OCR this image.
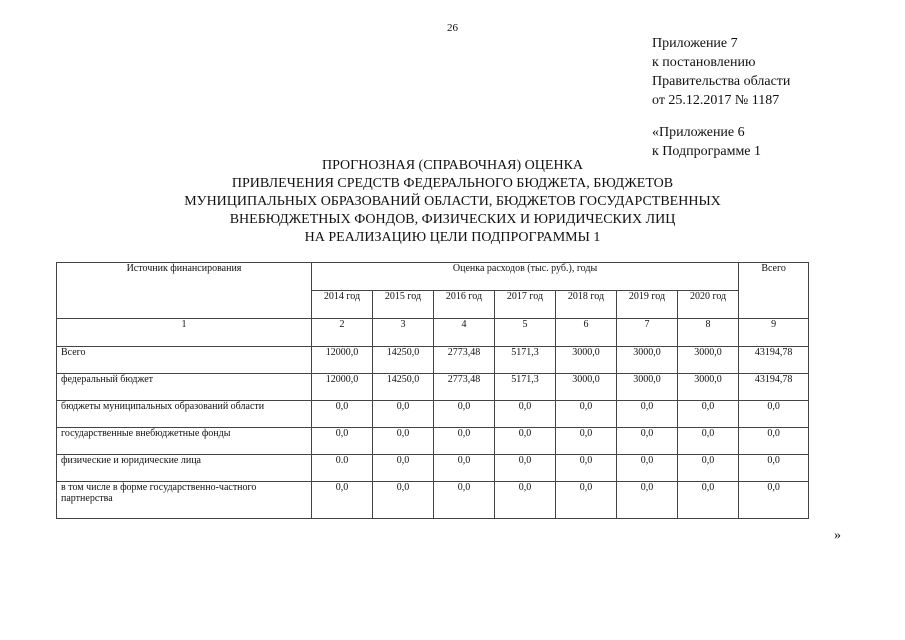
26
Приложение 7
к постановлению
Правительства области
от 25.12.2017 № 1187
«Приложение 6
к Подпрограмме 1
ПРОГНОЗНАЯ (СПРАВОЧНАЯ) ОЦЕНКА
ПРИВЛЕЧЕНИЯ СРЕДСТВ ФЕДЕРАЛЬНОГО БЮДЖЕТА, БЮДЖЕТОВ
МУНИЦИПАЛЬНЫХ ОБРАЗОВАНИЙ ОБЛАСТИ, БЮДЖЕТОВ ГОСУДАРСТВЕННЫХ
ВНЕБЮДЖЕТНЫХ ФОНДОВ, ФИЗИЧЕСКИХ И ЮРИДИЧЕСКИХ ЛИЦ
НА РЕАЛИЗАЦИЮ ЦЕЛИ ПОДПРОГРАММЫ 1
Источник финансирования	Оценка расходов (тыс. руб.), годы							Всего
	2014 год	2015 год	2016 год	2017 год	2018 год	2019 год	2020 год	
1	2	3	4	5	6	7	8	9
Всего	12000,0	14250,0	2773,48	5171,3	3000,0	3000,0	3000,0	43194,78
федеральный бюджет	12000,0	14250,0	2773,48	5171,3	3000,0	3000,0	3000,0	43194,78
бюджеты муниципальных образований области	0,0	0,0	0,0	0,0	0,0	0,0	0,0	0,0
государственные внебюджетные фонды	0,0	0,0	0,0	0,0	0,0	0,0	0,0	0,0
физические и юридические лица	0.0	0,0	0,0	0,0	0,0	0,0	0,0	0,0
в том числе в форме государственно-частного партнерства	0,0	0,0	0,0	0,0	0,0	0,0	0,0	0,0
»
